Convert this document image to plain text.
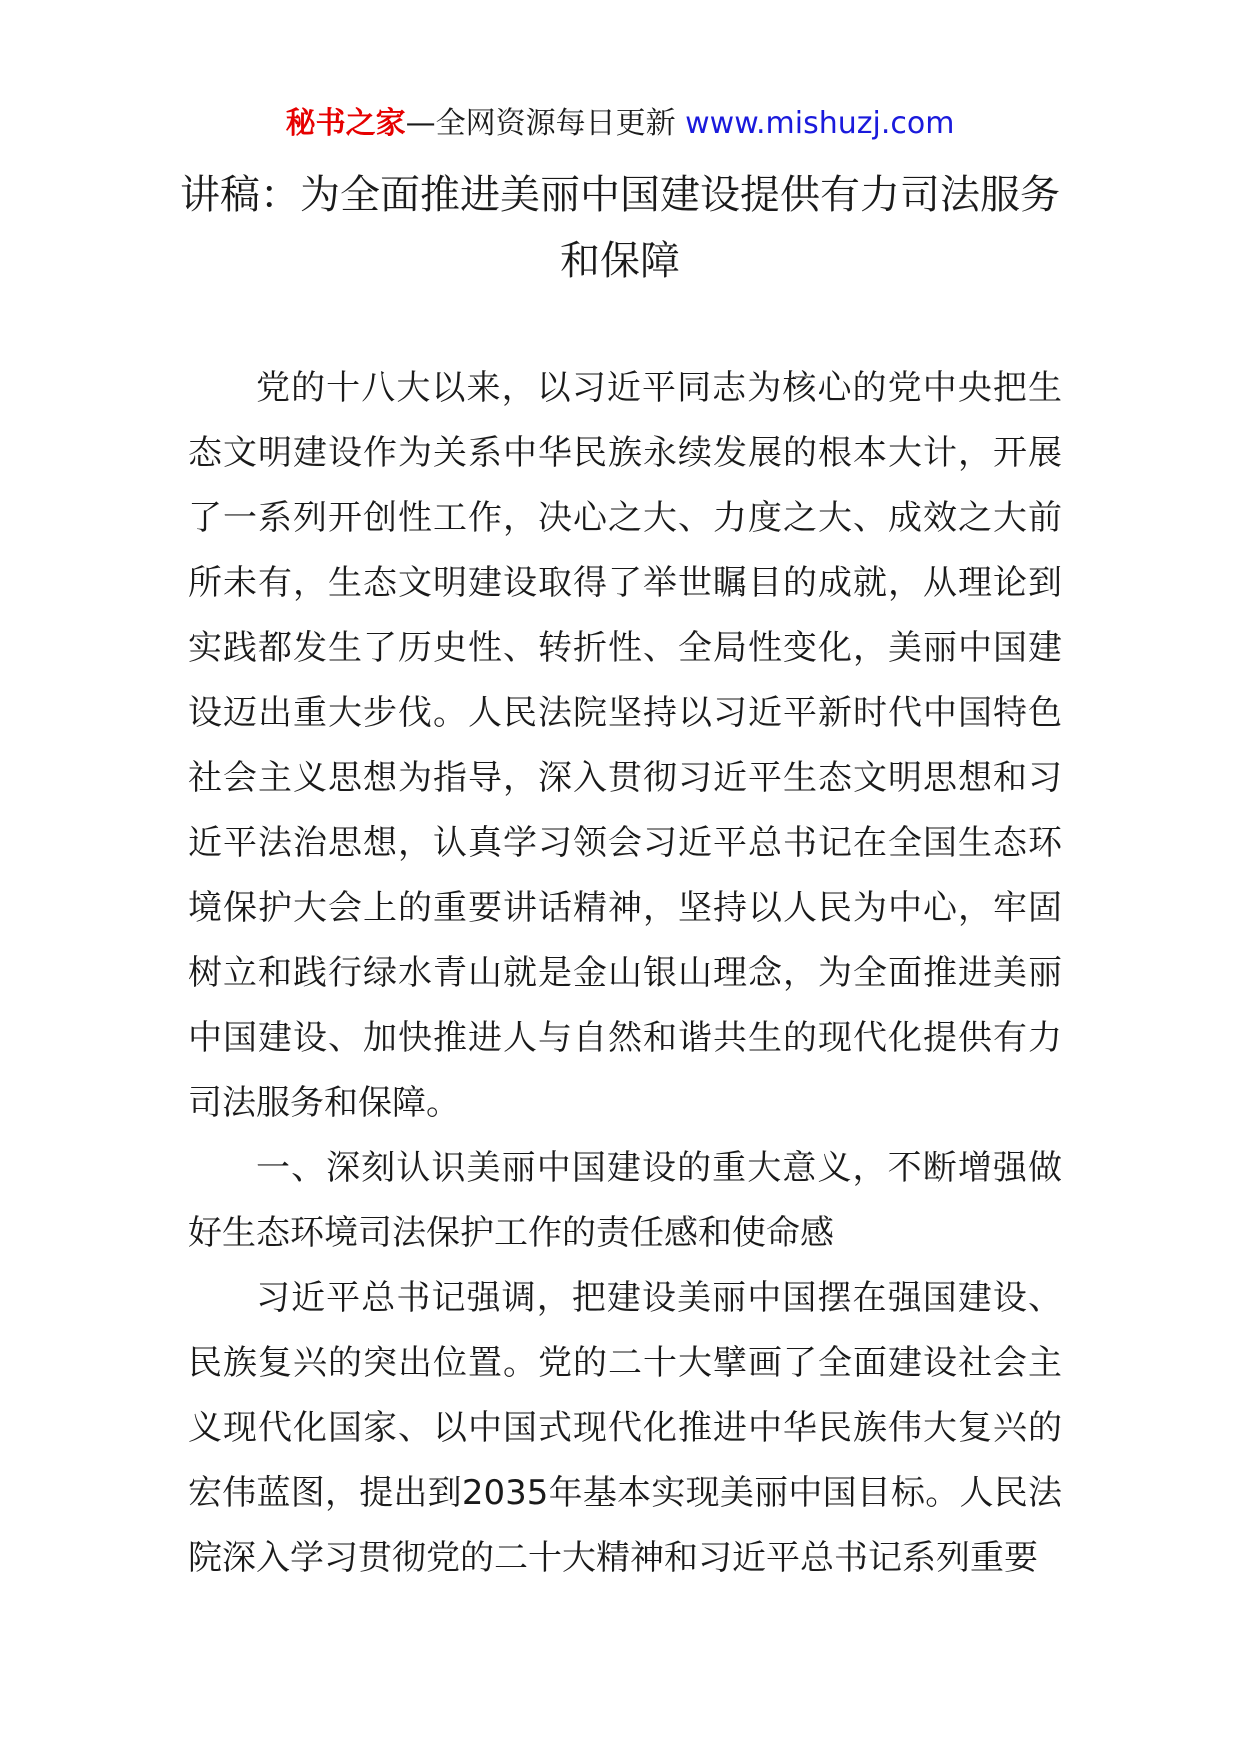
秘书之家—全网资源每日更新 www.mishuzj.com
讲稿：为全面推进美丽中国建设提供有力司法服务和保障

党的十八大以来，以习近平同志为核心的党中央把生态文明建设作为关系中华民族永续发展的根本大计，开展了一系列开创性工作，决心之大、力度之大、成效之大前所未有，生态文明建设取得了举世瞩目的成就，从理论到实践都发生了历史性、转折性、全局性变化，美丽中国建设迈出重大步伐。人民法院坚持以习近平新时代中国特色社会主义思想为指导，深入贯彻习近平生态文明思想和习近平法治思想，认真学习领会习近平总书记在全国生态环境保护大会上的重要讲话精神，坚持以人民为中心，牢固树立和践行绿水青山就是金山银山理念，为全面推进美丽中国建设、加快推进人与自然和谐共生的现代化提供有力司法服务和保障。

一、深刻认识美丽中国建设的重大意义，不断增强做好生态环境司法保护工作的责任感和使命感

习近平总书记强调，把建设美丽中国摆在强国建设、民族复兴的突出位置。党的二十大擘画了全面建设社会主义现代化国家、以中国式现代化推进中华民族伟大复兴的宏伟蓝图，提出到2035年基本实现美丽中国目标。人民法院深入学习贯彻党的二十大精神和习近平总书记系列重要
